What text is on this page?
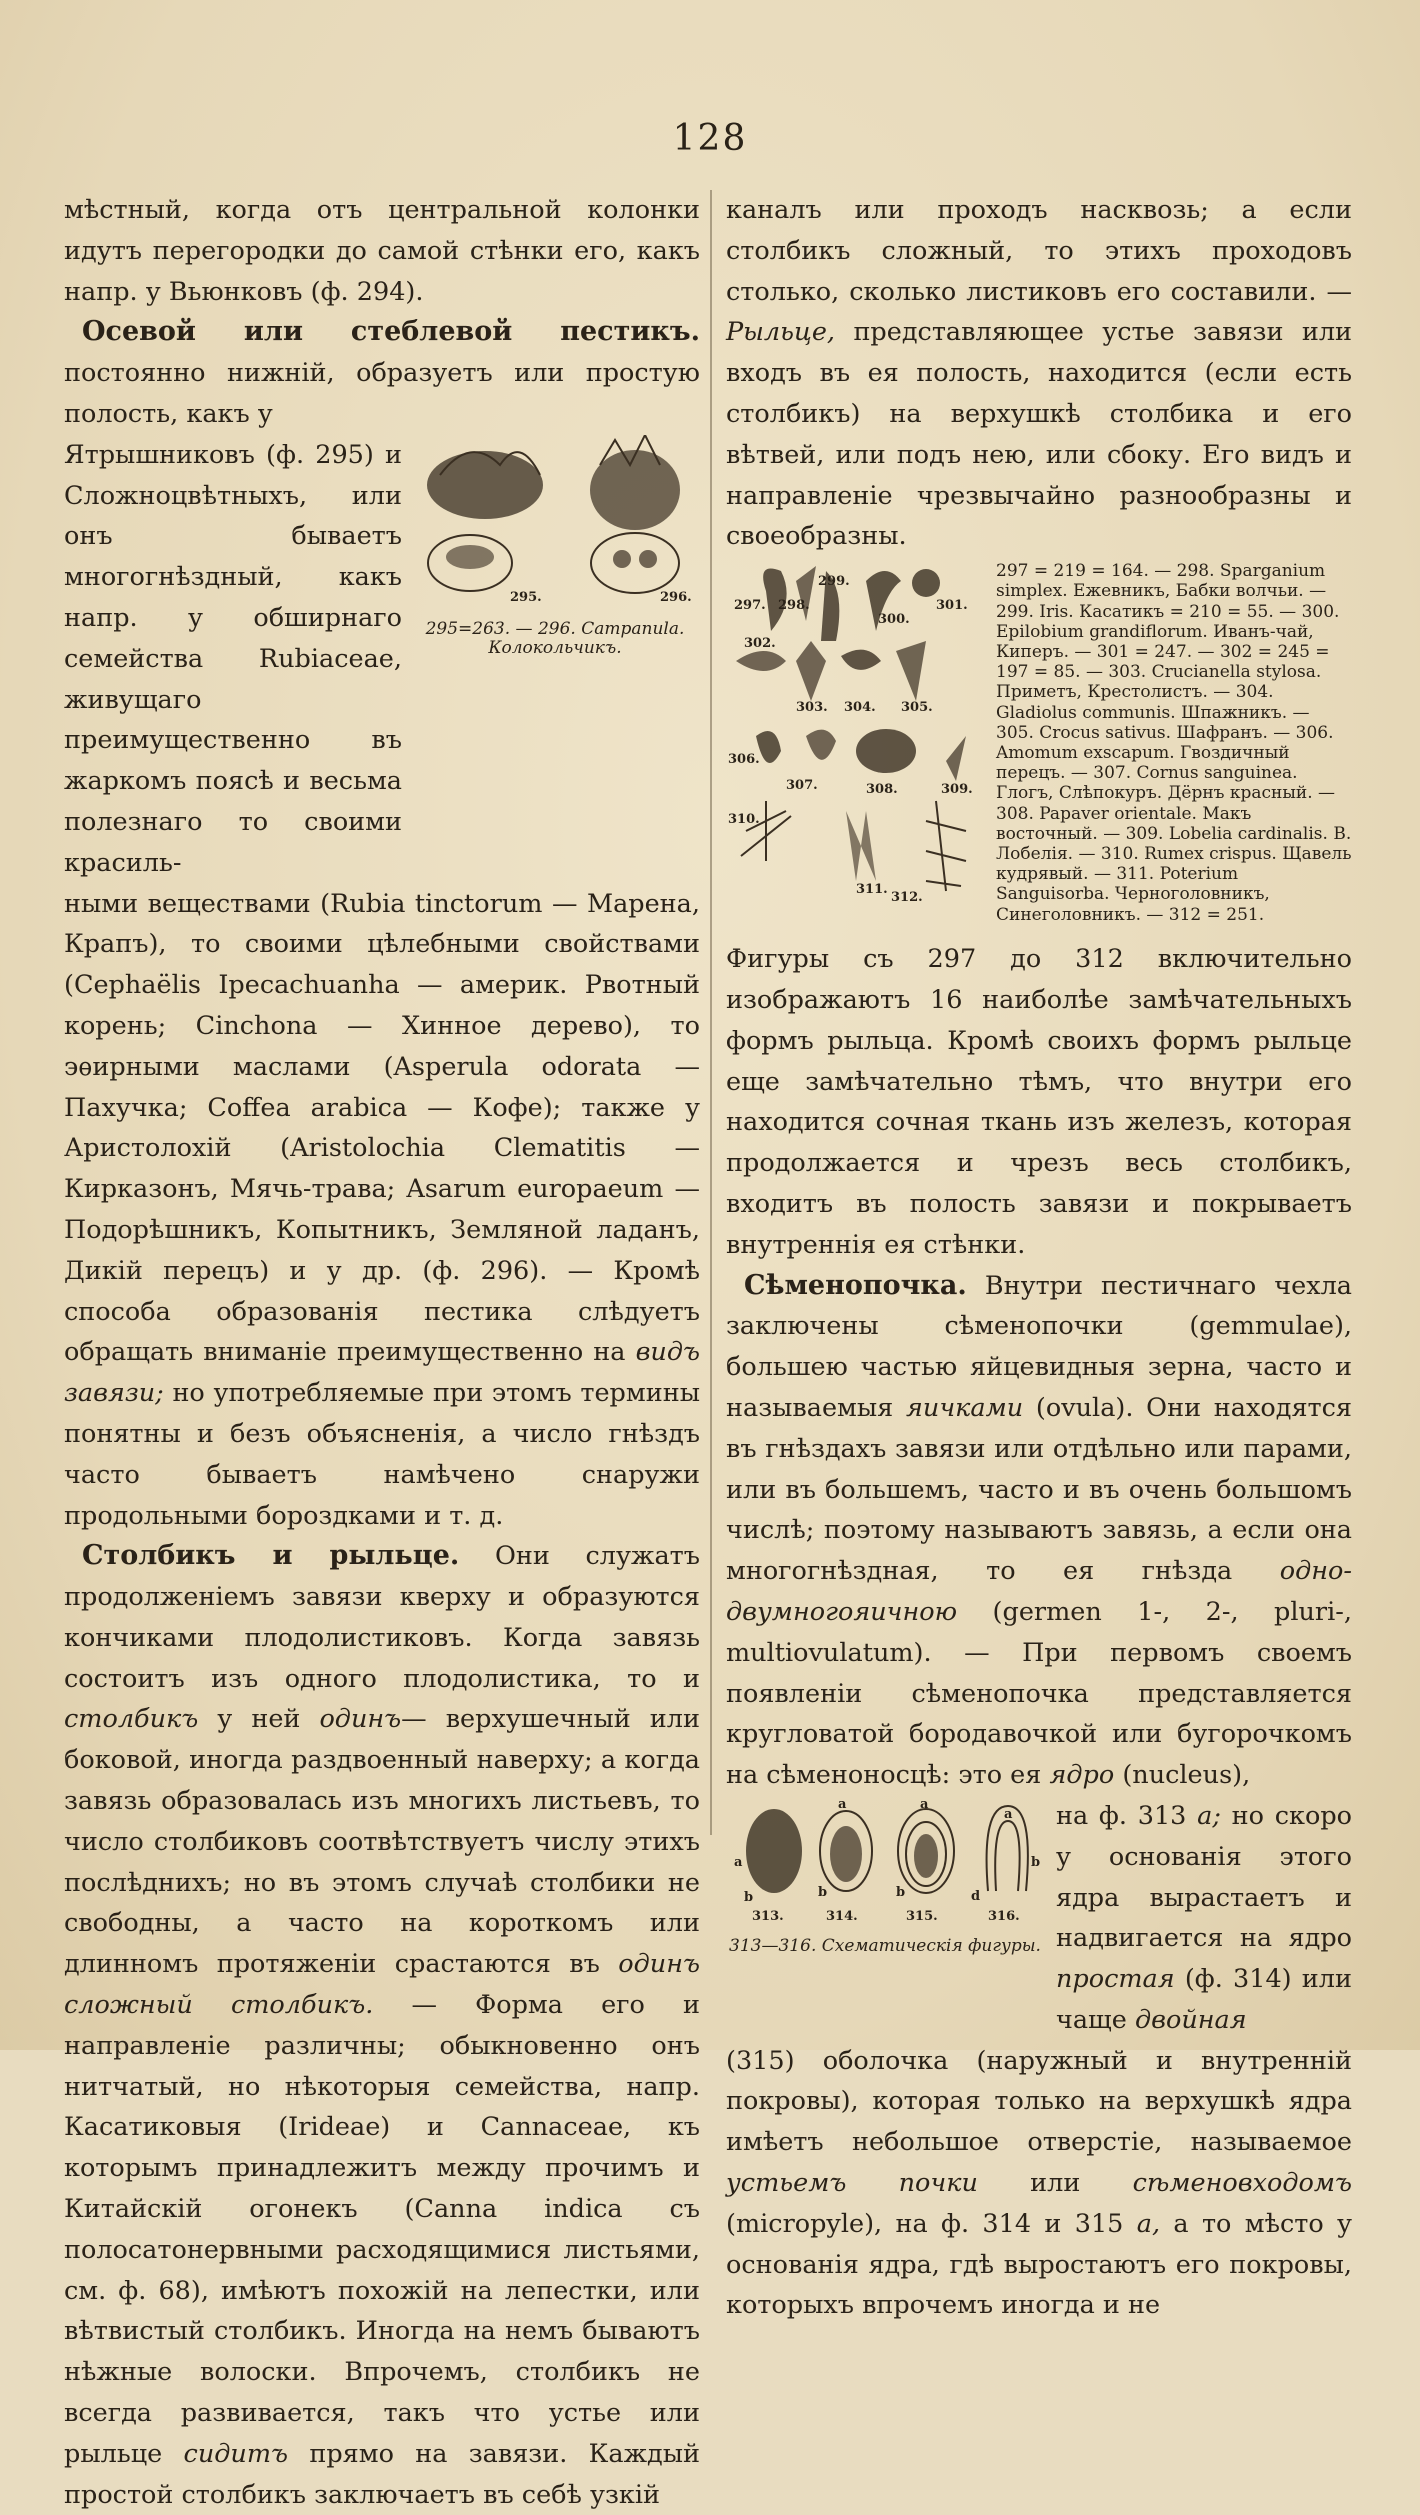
128

мѣстный, когда отъ центральной колонки идутъ перегородки до самой стѣнки его, какъ напр. у Вьюнковъ (ф. 294).

Осевой или стеблевой пестикъ. постоянно нижній, образуетъ или простую полость, какъ у

Ятрышниковъ (ф. 295) и Сложноцвѣтныхъ, или онъ бываетъ многогнѣздный, какъ напр. у обширнаго семейства Rubiaceae, живущаго преимущественно въ жаркомъ поясѣ и весьма полезнаго то своими красиль-

295.	296.
295=263. — 296. Campanula. Колокольчикъ.

ными веществами (Rubia tinctorum — Марена, Крапъ), то своими цѣлебными свойствами (Cephaëlis Ipecachuanha — америк. Рвотный корень; Cinchona — Хинное дерево), то эѳирными маслами (Asperula odorata — Пахучка; Coffea arabica — Кофе); также у Аристолохій (Aristolochia Clematitis — Кирказонъ, Мячь-трава; Asarum europaeum — Подорѣшникъ, Копытникъ, Земляной ладанъ, Дикій перецъ) и у др. (ф. 296). — Кромѣ способа образованія пестика слѣдуетъ обращать вниманіе преимущественно на видъ завязи; но употребляемые при этомъ термины понятны и безъ объясненія, а число гнѣздъ часто бываетъ намѣчено снаружи продольными бороздками и т. д.

Столбикъ и рыльце. Они служатъ продолженіемъ завязи кверху и образуются кончиками плодолистиковъ. Когда завязь состоитъ изъ одного плодолистика, то и столбикъ у ней одинъ— верхушечный или боковой, иногда раздвоенный наверху; а когда завязь образовалась изъ многихъ листьевъ, то число столбиковъ соотвѣтствуетъ числу этихъ послѣднихъ; но въ этомъ случаѣ столбики не свободны, а часто на короткомъ или длинномъ протяженіи срастаются въ одинъ сложный столбикъ. — Форма его и направленіе различны; обыкновенно онъ нитчатый, но нѣкоторыя семейства, напр. Касатиковыя (Irideae) и Cannaceae, къ которымъ принадлежитъ между прочимъ и Китайскій огонекъ (Canna indica съ полосатонервными расходящимися листьями, см. ф. 68), имѣютъ похожій на лепестки, или вѣтвистый столбикъ. Иногда на немъ бываютъ нѣжные волоски. Впрочемъ, столбикъ не всегда развивается, такъ что устье или рыльце сидитъ прямо на завязи. Каждый простой столбикъ заключаетъ въ себѣ узкій

каналъ или проходъ насквозь; а если столбикъ сложный, то этихъ проходовъ столько, сколько листиковъ его составили. — Рыльце, представляющее устье завязи или входъ въ ея полость, находится (если есть столбикъ) на верхушкѣ столбика и его вѣтвей, или подъ нею, или сбоку. Его видъ и направленіе чрезвычайно разнообразны и своеобразны.

297. 298.
299.
300.
301.
302.
303. 304. 305.
306.
307.	308.	309.
310.
311.
312.
297 = 219 = 164. — 298. Sparganium simplex. Ежевникъ, Бабки волчьи. — 299. Iris. Касатикъ = 210 = 55. — 300. Epilobium grandiflorum. Иванъ-чай, Киперъ. — 301 = 247. — 302 = 245 = 197 = 85. — 303. Crucianella stylosa. Приметъ, Крестолистъ. — 304. Gladiolus communis. Шпажникъ. — 305. Crocus sativus. Шафранъ. — 306. Amomum exscapum. Гвоздичный перецъ. — 307. Cornus sanguinea. Глогъ, Слѣпокуръ. Дёрнъ красный. — 308. Papaver orientale. Макъ восточный. — 309. Lobelia cardinalis. В. Лобелія. — 310. Rumex crispus. Щавель кудрявый. — 311. Poterium Sanguisorba. Черноголовникъ, Синеголовникъ. — 312 = 251.

Фигуры съ 297 до 312 включительно изображаютъ 16 наиболѣе замѣчательныхъ формъ рыльца. Кромѣ своихъ формъ рыльце еще замѣчательно тѣмъ, что внутри его находится сочная ткань изъ железъ, которая продолжается и чрезъ весь столбикъ, входитъ въ полость завязи и покрываетъ внутреннія ея стѣнки.

Сѣменопочка. Внутри пестичнаго чехла заключены сѣменопочки (gemmulae), большею частью яйцевидныя зерна, часто и называемыя яичками (ovula). Они находятся въ гнѣздахъ завязи или отдѣльно или парами, или въ большемъ, часто и въ очень большомъ числѣ; поэтому называютъ завязь, а если она многогнѣздная, то ея гнѣзда одно- двумногояичною (germen 1-, 2-, pluri-, multiovulatum). — При первомъ своемъ появленіи сѣменопочка представляется кругловатой бородавочкой или бугорочкомъ на сѣменоносцѣ: это ея ядро (nucleus),

a
b
a
b
a
b
a
d
b
313.	314.	315.	316.
313—316. Схематическія фигуры.

на ф. 313 a; но скоро у основанія этого ядра вырастаетъ и надвигается на ядро простая (ф. 314) или чаще двойная

(315) оболочка (наружный и внутренній покровы), которая только на верхушкѣ ядра имѣетъ небольшое отверстіе, называемое устьемъ почки или сѣменовходомъ (micropyle), на ф. 314 и 315 a, а то мѣсто у основанія ядра, гдѣ выростаютъ его покровы, которыхъ впрочемъ иногда и не
